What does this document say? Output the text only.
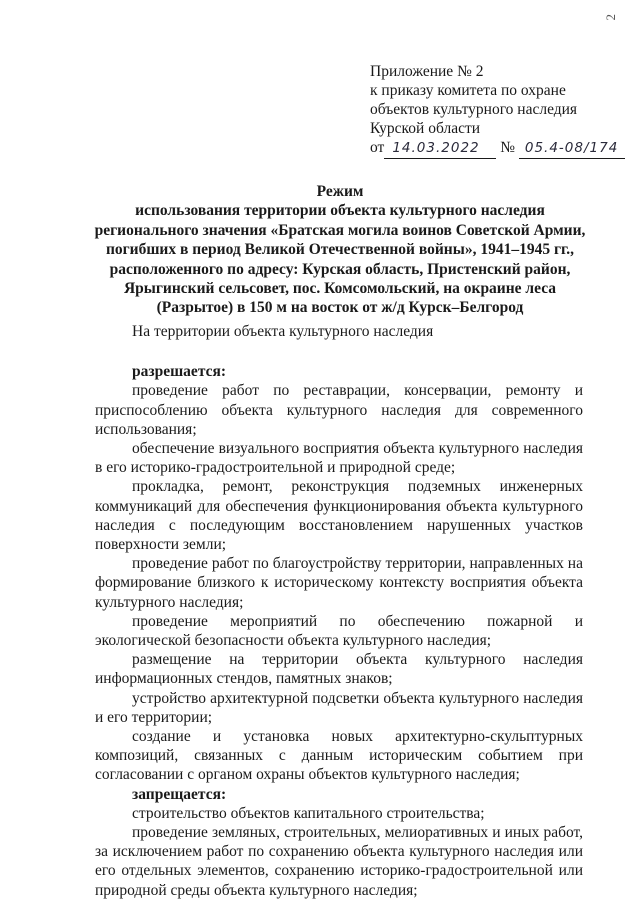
2
Приложение № 2
к приказу комитета по охране
объектов культурного наследия
Курской области
от 14.03.2022 № 05.4-08/174
Режим
использования территории объекта культурного наследия
регионального значения «Братская могила воинов Советской Армии,
погибших в период Великой Отечественной войны», 1941–1945 гг.,
расположенного по адресу: Курская область, Пристенский район,
Ярыгинский сельсовет, пос. Комсомольский, на окраине леса
(Разрытое) в 150 м на восток от ж/д Курск–Белгород

На территории объекта культурного наследия

разрешается:

проведение работ по реставрации, консервации, ремонту и приспособлению объекта культурного наследия для современного использования;

обеспечение визуального восприятия объекта культурного наследия в его историко-градостроительной и природной среде;

прокладка, ремонт, реконструкция подземных инженерных коммуникаций для обеспечения функционирования объекта культурного наследия с последующим восстановлением нарушенных участков поверхности земли;

проведение работ по благоустройству территории, направленных на формирование близкого к историческому контексту восприятия объекта культурного наследия;

проведение мероприятий по обеспечению пожарной и экологической безопасности объекта культурного наследия;

размещение на территории объекта культурного наследия информационных стендов, памятных знаков;

устройство архитектурной подсветки объекта культурного наследия и его территории;

создание и установка новых архитектурно-скульптурных композиций, связанных с данным историческим событием при согласовании с органом охраны объектов культурного наследия;

запрещается:

строительство объектов капитального строительства;

проведение земляных, строительных, мелиоративных и иных работ, за исключением работ по сохранению объекта культурного наследия или его отдельных элементов, сохранению историко-градостроительной или природной среды объекта культурного наследия;
